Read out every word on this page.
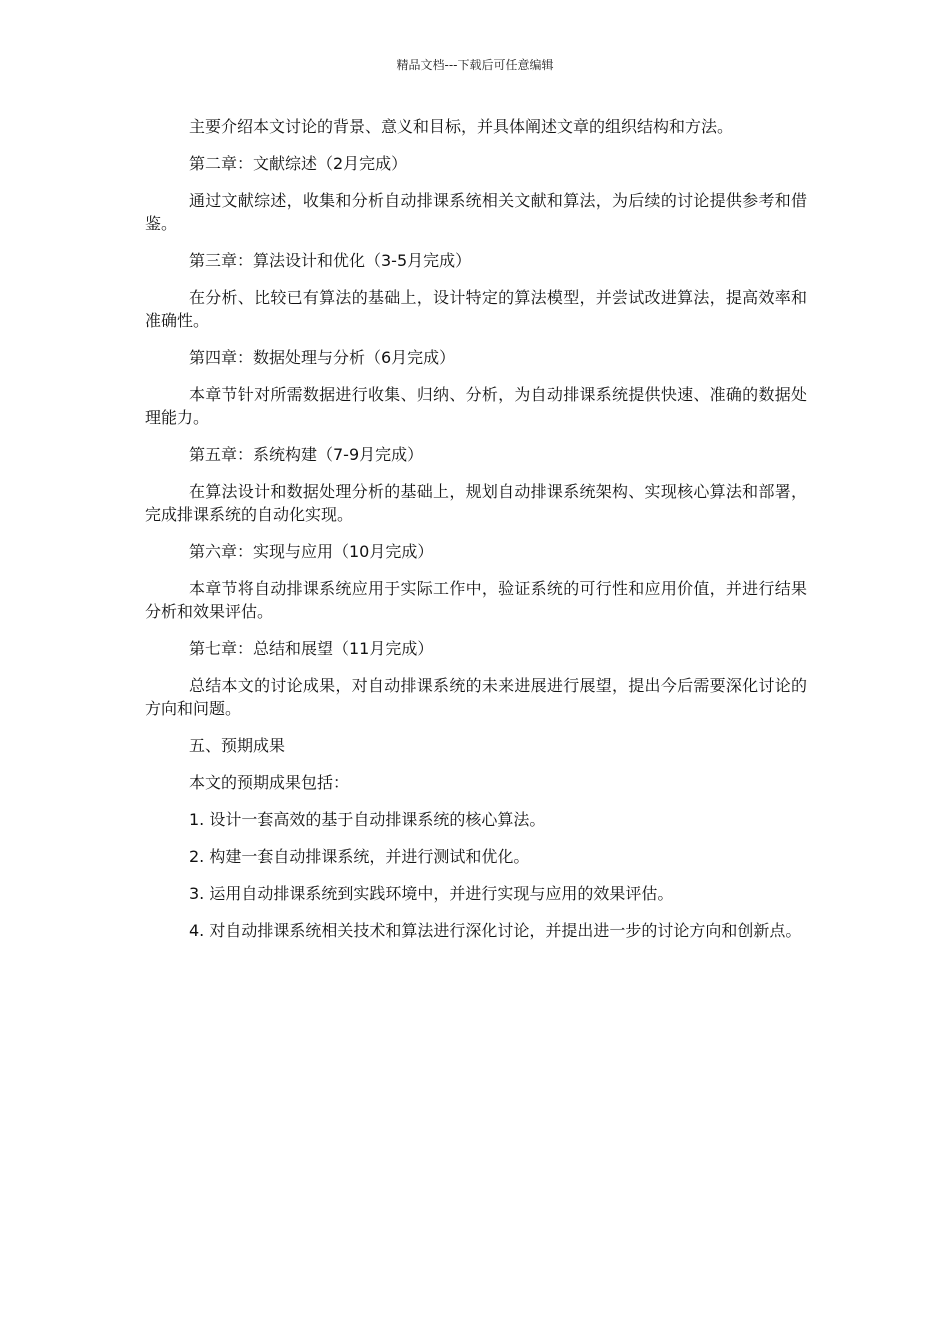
精品文档---下载后可任意编辑

主要介绍本文讨论的背景、意义和目标，并具体阐述文章的组织结构和方法。

第二章：文献综述（2月完成）

通过文献综述，收集和分析自动排课系统相关文献和算法，为后续的讨论提供参考和借鉴。

第三章：算法设计和优化（3-5月完成）

在分析、比较已有算法的基础上，设计特定的算法模型，并尝试改进算法，提高效率和准确性。

第四章：数据处理与分析（6月完成）

本章节针对所需数据进行收集、归纳、分析，为自动排课系统提供快速、准确的数据处理能力。

第五章：系统构建（7-9月完成）

在算法设计和数据处理分析的基础上，规划自动排课系统架构、实现核心算法和部署，完成排课系统的自动化实现。

第六章：实现与应用（10月完成）

本章节将自动排课系统应用于实际工作中，验证系统的可行性和应用价值，并进行结果分析和效果评估。

第七章：总结和展望（11月完成）

总结本文的讨论成果，对自动排课系统的未来进展进行展望，提出今后需要深化讨论的方向和问题。

五、预期成果

本文的预期成果包括：

1. 设计一套高效的基于自动排课系统的核心算法。

2. 构建一套自动排课系统，并进行测试和优化。

3. 运用自动排课系统到实践环境中，并进行实现与应用的效果评估。

4. 对自动排课系统相关技术和算法进行深化讨论，并提出进一步的讨论方向和创新点。
